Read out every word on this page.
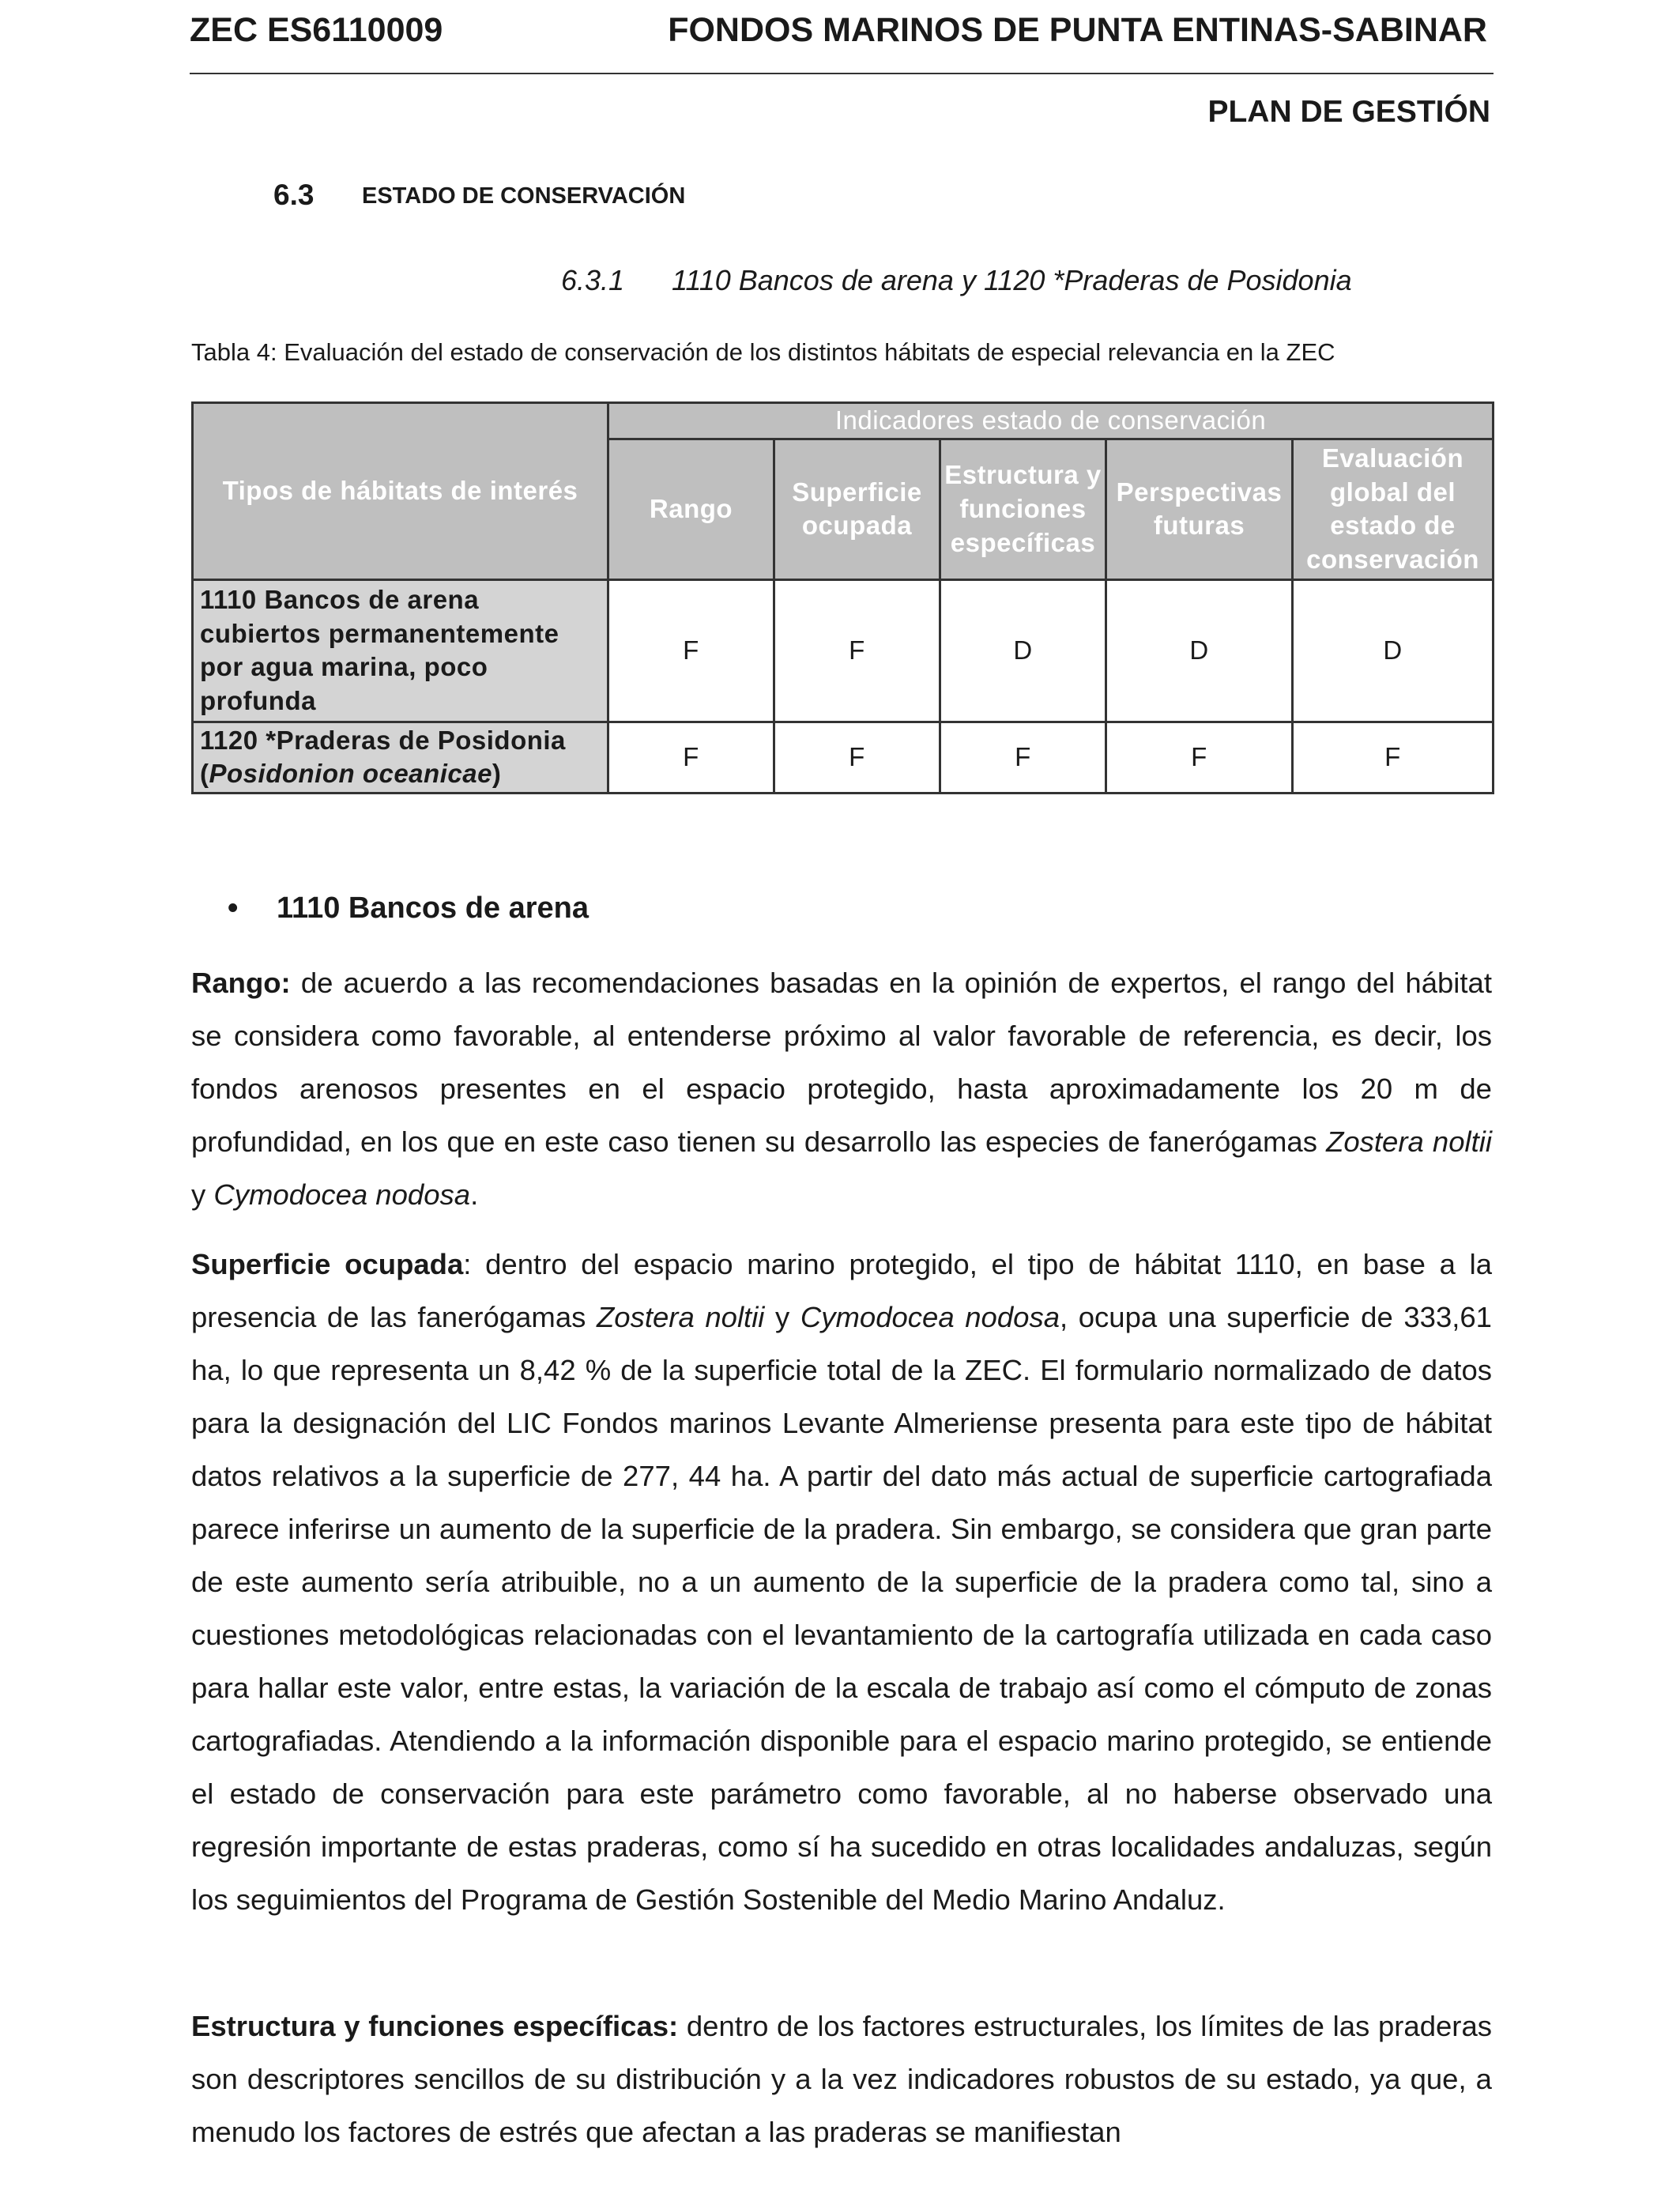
ZEC ES6110009	FONDOS MARINOS DE PUNTA ENTINAS-SABINAR
PLAN DE GESTIÓN
6.3 ESTADO DE CONSERVACIÓN
6.3.1 1110 Bancos de arena y 1120 *Praderas de Posidonia
Tabla 4: Evaluación del estado de conservación de los distintos hábitats de especial relevancia en la ZEC
Tipos de hábitats de interés	Indicadores estado de conservación				
	Rango	Superficie ocupada	Estructura y funciones específicas	Perspectivas futuras	Evaluación global del estado de conservación
1110 Bancos de arena cubiertos permanentemente por agua marina, poco profunda	F	F	D	D	D
1120 *Praderas de Posidonia (Posidonion oceanicae)	F	F	F	F	F
• 1110 Bancos de arena

Rango: de acuerdo a las recomendaciones basadas en la opinión de expertos, el rango del hábitat se considera como favorable, al entenderse próximo al valor favorable de referencia, es decir, los fondos arenosos presentes en el espacio protegido, hasta aproximadamente los 20 m de profundidad, en los que en este caso tienen su desarrollo las especies de fanerógamas Zostera noltii y Cymodocea nodosa.

Superficie ocupada: dentro del espacio marino protegido, el tipo de hábitat 1110, en base a la presencia de las fanerógamas Zostera noltii y Cymodocea nodosa, ocupa una superficie de 333,61 ha, lo que representa un 8,42 % de la superficie total de la ZEC. El formulario normalizado de datos para la designación del LIC Fondos marinos Levante Almeriense presenta para este tipo de hábitat datos relativos a la superficie de 277, 44 ha. A partir del dato más actual de superficie cartografiada parece inferirse un aumento de la superficie de la pradera. Sin embargo, se considera que gran parte de este aumento sería atribuible, no a un aumento de la superficie de la pradera como tal, sino a cuestiones metodológicas relacionadas con el levantamiento de la cartografía utilizada en cada caso para hallar este valor, entre estas, la variación de la escala de trabajo así como el cómputo de zonas cartografiadas. Atendiendo a la información disponible para el espacio marino protegido, se entiende el estado de conservación para este parámetro como favorable, al no haberse observado una regresión importante de estas praderas, como sí ha sucedido en otras localidades andaluzas, según los seguimientos del Programa de Gestión Sostenible del Medio Marino Andaluz.

Estructura y funciones específicas: dentro de los factores estructurales, los límites de las praderas son descriptores sencillos de su distribución y a la vez indicadores robustos de su estado, ya que, a menudo los factores de estrés que afectan a las praderas se manifiestan
